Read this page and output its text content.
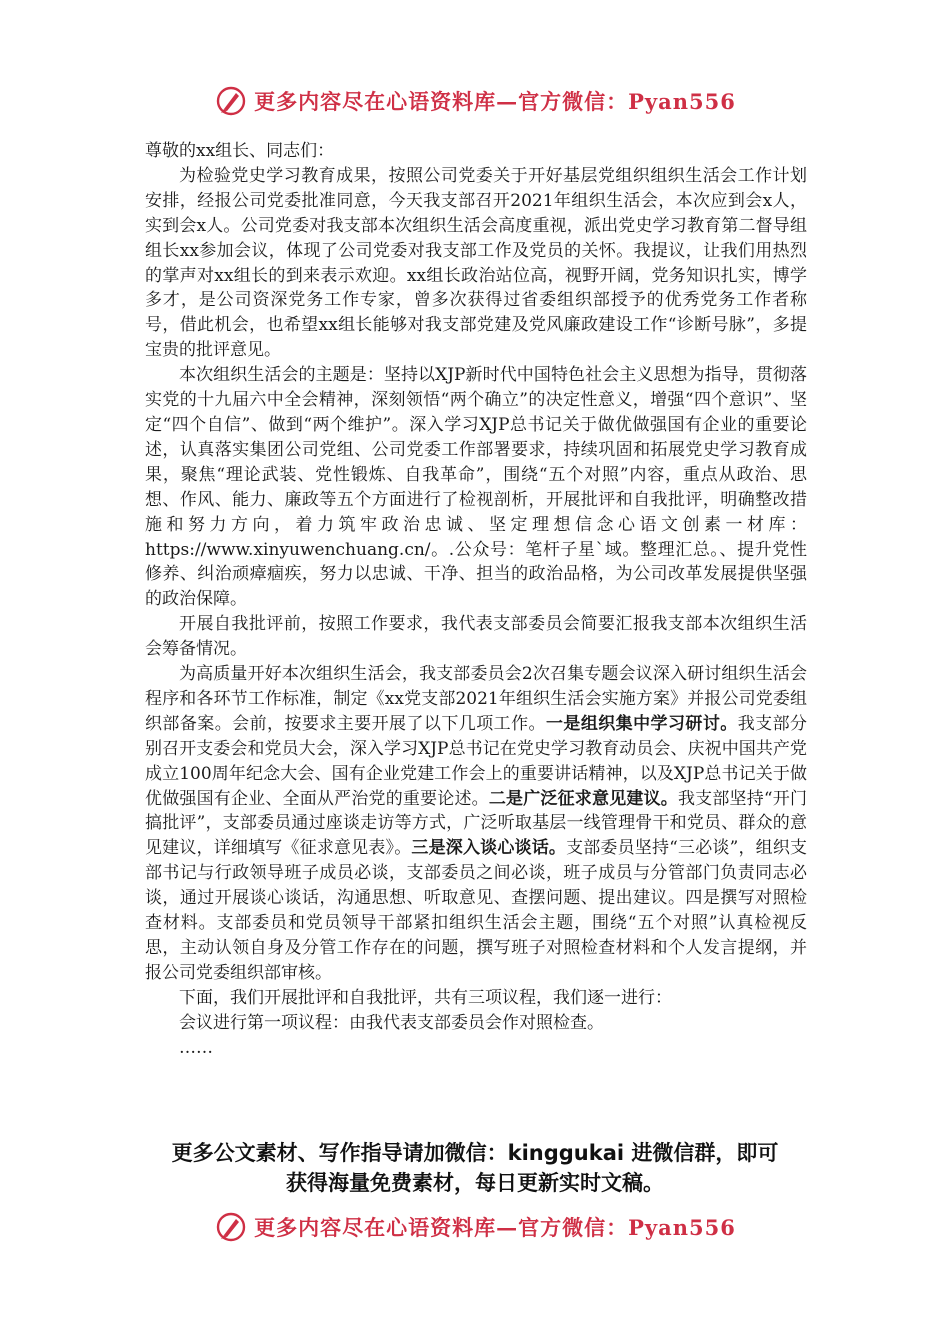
更多内容尽在心语资料库—官方微信：Pyan556

尊敬的xx组长、同志们：

为检验党史学习教育成果，按照公司党委关于开好基层党组织组织生活会工作计划安排，经报公司党委批准同意，今天我支部召开2021年组织生活会，本次应到会x人，实到会x人。公司党委对我支部本次组织生活会高度重视，派出党史学习教育第二督导组组长xx参加会议，体现了公司党委对我支部工作及党员的关怀。我提议，让我们用热烈的掌声对xx组长的到来表示欢迎。xx组长政治站位高，视野开阔，党务知识扎实，博学多才，是公司资深党务工作专家，曾多次获得过省委组织部授予的优秀党务工作者称号，借此机会，也希望xx组长能够对我支部党建及党风廉政建设工作“诊断号脉”，多提宝贵的批评意见。

本次组织生活会的主题是：坚持以XJP新时代中国特色社会主义思想为指导，贯彻落实党的十九届六中全会精神，深刻领悟“两个确立”的决定性意义，增强“四个意识”、坚定“四个自信”、做到“两个维护”。深入学习XJP总书记关于做优做强国有企业的重要论述，认真落实集团公司党组、公司党委工作部署要求，持续巩固和拓展党史学习教育成果，聚焦“理论武装、党性锻炼、自我革命”，围绕“五个对照”内容，重点从政治、思想、作风、能力、廉政等五个方面进行了检视剖析，开展批评和自我批评，明确整改措施和努力方向，着力筑牢政治忠诚、坚定理想信念心语文创素一材库：https://www.xinyuwenchuang.cn/。.公众号：笔杆子星`域。整理汇总。、提升党性修养、纠治顽瘴痼疾，努力以忠诚、干净、担当的政治品格，为公司改革发展提供坚强的政治保障。

开展自我批评前，按照工作要求，我代表支部委员会简要汇报我支部本次组织生活会筹备情况。

为高质量开好本次组织生活会，我支部委员会2次召集专题会议深入研讨组织生活会程序和各环节工作标准，制定《xx党支部2021年组织生活会实施方案》并报公司党委组织部备案。会前，按要求主要开展了以下几项工作。一是组织集中学习研讨。我支部分别召开支委会和党员大会，深入学习XJP总书记在党史学习教育动员会、庆祝中国共产党成立100周年纪念大会、国有企业党建工作会上的重要讲话精神，以及XJP总书记关于做优做强国有企业、全面从严治党的重要论述。二是广泛征求意见建议。我支部坚持“开门搞批评”，支部委员通过座谈走访等方式，广泛听取基层一线管理骨干和党员、群众的意见建议，详细填写《征求意见表》。三是深入谈心谈话。支部委员坚持“三必谈”，组织支部书记与行政领导班子成员必谈，支部委员之间必谈，班子成员与分管部门负责同志必谈，通过开展谈心谈话，沟通思想、听取意见、查摆问题、提出建议。四是撰写对照检查材料。支部委员和党员领导干部紧扣组织生活会主题，围绕“五个对照”认真检视反思，主动认领自身及分管工作存在的问题，撰写班子对照检查材料和个人发言提纲，并报公司党委组织部审核。

下面，我们开展批评和自我批评，共有三项议程，我们逐一进行：

会议进行第一项议程：由我代表支部委员会作对照检查。

……

更多公文素材、写作指导请加微信：kinggukai 进微信群，即可
获得海量免费素材，每日更新实时文稿。
更多内容尽在心语资料库—官方微信：Pyan556
